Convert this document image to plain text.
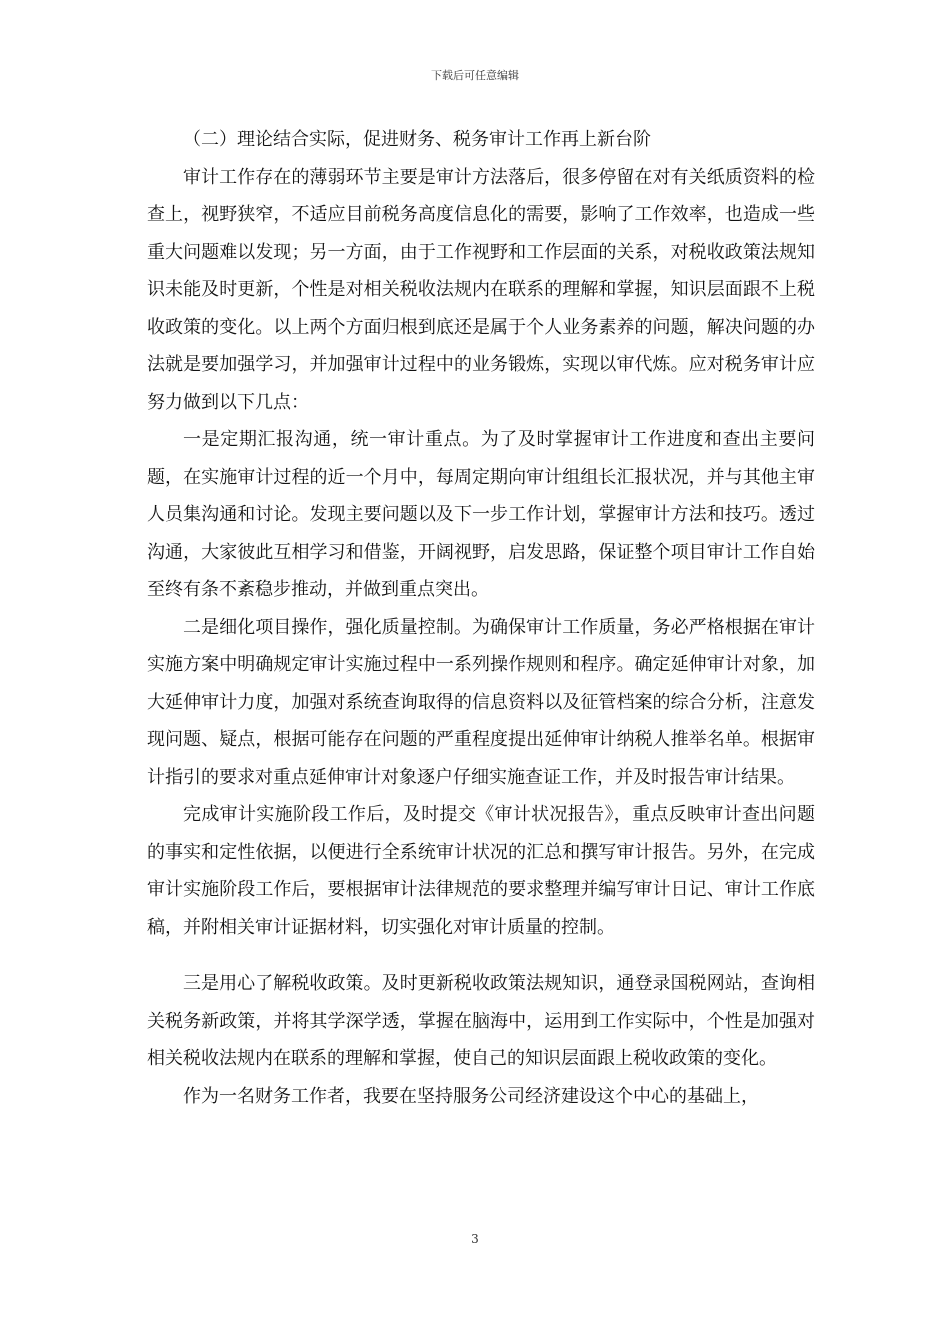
下载后可任意编辑

（二）理论结合实际，促进财务、税务审计工作再上新台阶

审计工作存在的薄弱环节主要是审计方法落后，很多停留在对有关纸质资料的检查上，视野狭窄，不适应目前税务高度信息化的需要，影响了工作效率，也造成一些重大问题难以发现；另一方面，由于工作视野和工作层面的关系，对税收政策法规知识未能及时更新，个性是对相关税收法规内在联系的理解和掌握，知识层面跟不上税收政策的变化。以上两个方面归根到底还是属于个人业务素养的问题，解决问题的办法就是要加强学习，并加强审计过程中的业务锻炼，实现以审代炼。应对税务审计应努力做到以下几点：

一是定期汇报沟通，统一审计重点。为了及时掌握审计工作进度和查出主要问题，在实施审计过程的近一个月中，每周定期向审计组组长汇报状况，并与其他主审人员集沟通和讨论。发现主要问题以及下一步工作计划，掌握审计方法和技巧。透过沟通，大家彼此互相学习和借鉴，开阔视野，启发思路，保证整个项目审计工作自始至终有条不紊稳步推动，并做到重点突出。

二是细化项目操作，强化质量控制。为确保审计工作质量，务必严格根据在审计实施方案中明确规定审计实施过程中一系列操作规则和程序。确定延伸审计对象，加大延伸审计力度，加强对系统查询取得的信息资料以及征管档案的综合分析，注意发现问题、疑点，根据可能存在问题的严重程度提出延伸审计纳税人推举名单。根据审计指引的要求对重点延伸审计对象逐户仔细实施查证工作，并及时报告审计结果。

完成审计实施阶段工作后，及时提交《审计状况报告》，重点反映审计查出问题的事实和定性依据，以便进行全系统审计状况的汇总和撰写审计报告。另外，在完成审计实施阶段工作后，要根据审计法律规范的要求整理并编写审计日记、审计工作底稿，并附相关审计证据材料，切实强化对审计质量的控制。

三是用心了解税收政策。及时更新税收政策法规知识，通登录国税网站，查询相关税务新政策，并将其学深学透，掌握在脑海中，运用到工作实际中，个性是加强对相关税收法规内在联系的理解和掌握，使自己的知识层面跟上税收政策的变化。

作为一名财务工作者，我要在坚持服务公司经济建设这个中心的基础上，

3
